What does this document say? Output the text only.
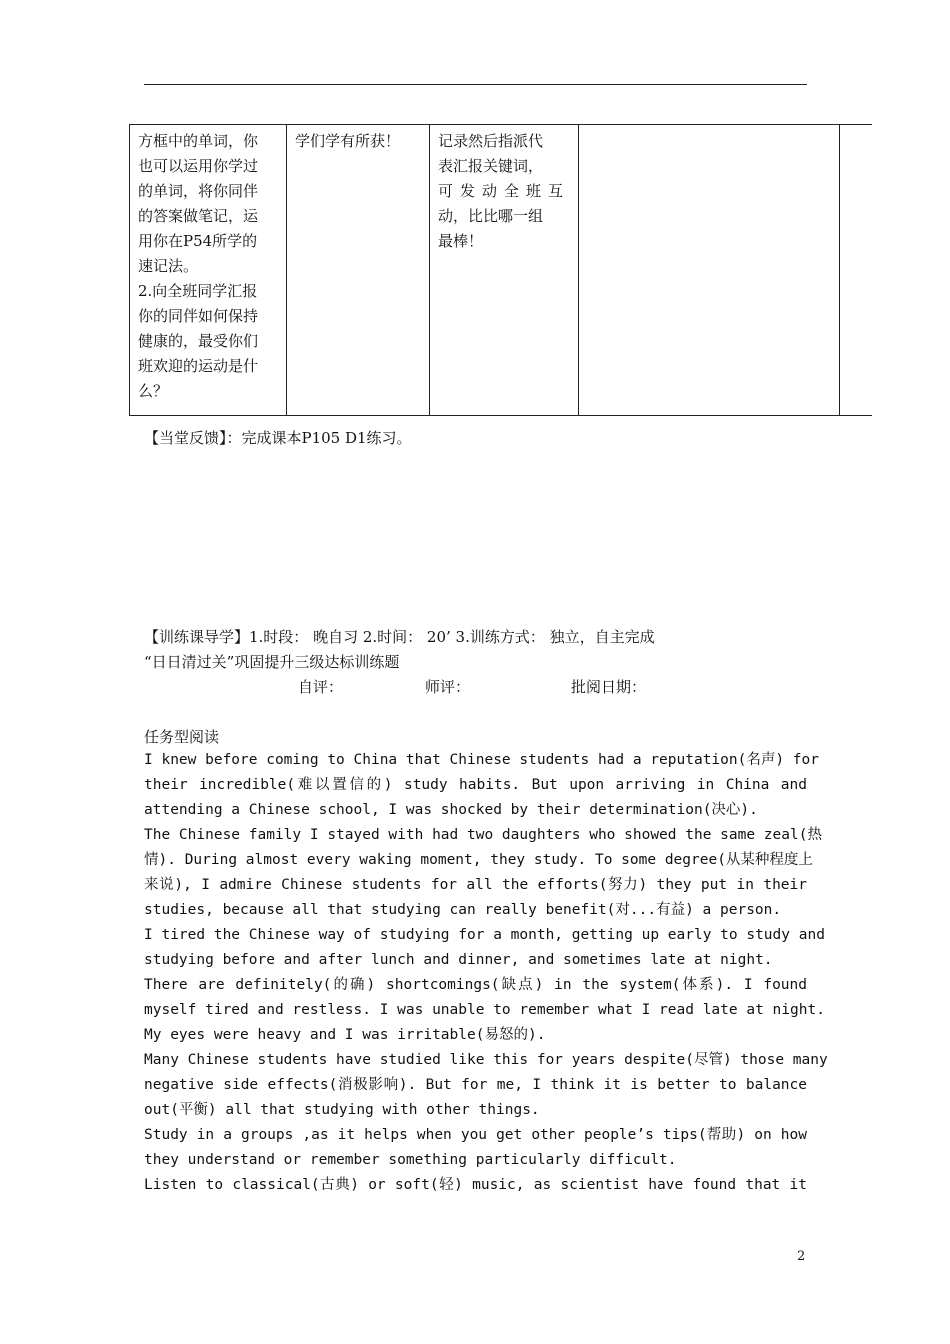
方框中的单词，你
也可以运用你学过
的单词，将你同伴
的答案做笔记，运
用你在P54所学的
速记法。
2.向全班同学汇报
你的同伴如何保持
健康的，最受你们
班欢迎的运动是什
么？

学们学有所获！	记录然后指派代
表汇报关键词，
可发动全班互
动，比比哪一组
最棒！

【当堂反馈】：完成课本P105 D1练习。
【训练课导学】1.时段： 晚自习 2.时间： 20’ 3.训练方式： 独立，自主完成
“日日清过关”巩固提升三级达标训练题
自评：	师评：	批阅日期：
任务型阅读
I knew before coming to China that Chinese students had a reputation(名声) for
their incredible(难以置信的) study habits. But upon arriving in China and
attending a Chinese school, I was shocked by their determination(决心).
The Chinese family I stayed with had two daughters who showed the same zeal(热
情). During almost every waking moment, they study. To some degree(从某种程度上
来说), I admire Chinese students for all the efforts(努力) they put in their
studies, because all that studying can really benefit(对...有益) a person.
I tired the Chinese way of studying for a month, getting up early to study and
studying before and after lunch and dinner, and sometimes late at night.
There are definitely(的确) shortcomings(缺点) in the system(体系). I found
myself tired and restless. I was unable to remember what I read late at night.
My eyes were heavy and I was irritable(易怒的).
Many Chinese students have studied like this for years despite(尽管) those many
negative side effects(消极影响). But for me, I think it is better to balance
out(平衡) all that studying with other things.
Study in a groups ,as it helps when you get other people’s tips(帮助) on how
they understand or remember something particularly difficult.
Listen to classical(古典) or soft(轻) music, as scientist have found that it
2
